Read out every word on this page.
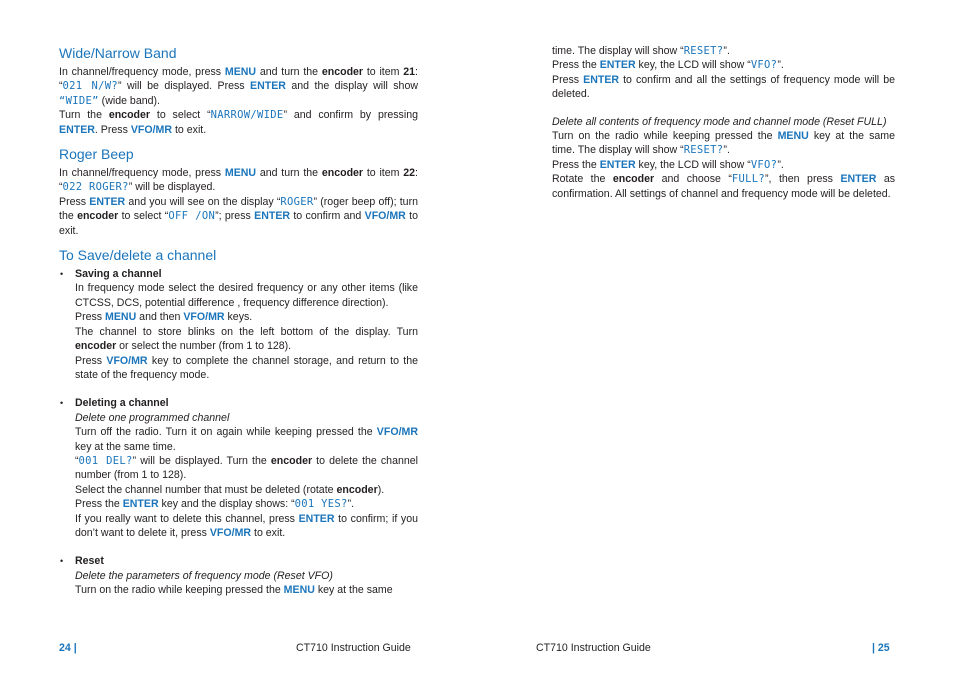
Wide/Narrow Band

In channel/frequency mode, press MENU and turn the encoder to item 21: “021 N/W?” will be displayed. Press ENTER and the display will show “WIDE” (wide band).

Turn the encoder to select “NARROW/WIDE” and confirm by pressing ENTER. Press VFO/MR to exit.

Roger Beep

In channel/frequency mode, press MENU and turn the encoder to item 22: “022 ROGER?” will be displayed.

Press ENTER and you will see on the display “ROGER” (roger beep off); turn the encoder to select “OFF /ON”; press ENTER to confirm and VFO/MR to exit.

To Save/delete a channel
• Saving a channel

In frequency mode select the desired frequency or any other items (like CTCSS, DCS, potential difference , frequency difference direction).

Press MENU and then VFO/MR keys.

The channel to store blinks on the left bottom of the display. Turn encoder or select the number (from 1 to 128).

Press VFO/MR key to complete the channel storage, and return to the state of the frequency mode.

• Deleting a channel
Delete one programmed channel

Turn off the radio. Turn it on again while keeping pressed the VFO/MR key at the same time.

“001 DEL?” will be displayed. Turn the encoder to delete the channel number (from 1 to 128).

Select the channel number that must be deleted (rotate encoder).

Press the ENTER key and the display shows: “001 YES?”.

If you really want to delete this channel, press ENTER to confirm; if you don’t want to delete it, press VFO/MR to exit.

• Reset
Delete the parameters of frequency mode (Reset VFO)

Turn on the radio while keeping pressed the MENU key at the same

time. The display will show “RESET?”.

Press the ENTER key, the LCD will show “VFO?”.

Press ENTER to confirm and all the settings of frequency mode will be deleted.

Delete all contents of frequency mode and channel mode (Reset FULL)

Turn on the radio while keeping pressed the MENU key at the same time. The display will show “RESET?”.

Press the ENTER key, the LCD will show “VFO?”.

Rotate the encoder and choose “FULL?”, then press ENTER as confirmation. All settings of channel and frequency mode will be deleted.

24 |	CT710 Instruction Guide	CT710 Instruction Guide	| 25
